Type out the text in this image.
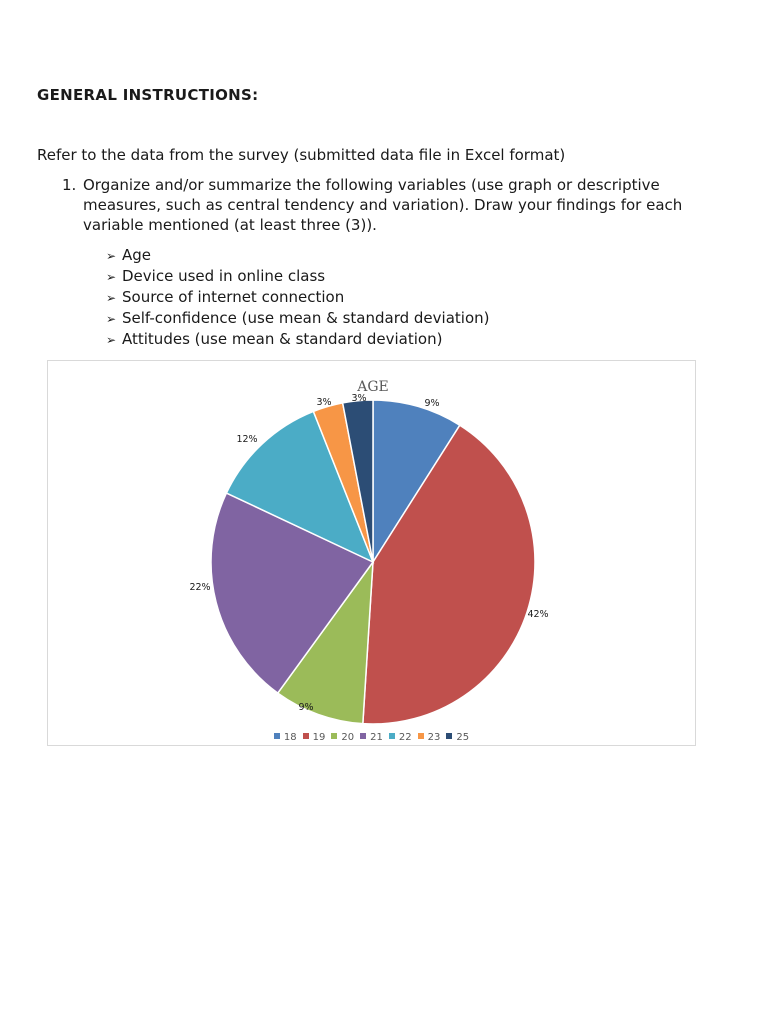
GENERAL INSTRUCTIONS:
Refer to the data from the survey (submitted data file in Excel format)
1. Organize and/or summarize the following variables (use graph or descriptive measures, such as central tendency and variation). Draw your findings for each variable mentioned (at least three (3)).
➢ Age
➢ Device used in online class
➢ Source of internet connection
➢ Self-confidence (use mean & standard deviation)
➢ Attitudes (use mean & standard deviation)
AGE
9%
42%
9%
22%
12%
3% 3%
18 19 20 21 22 23 25
